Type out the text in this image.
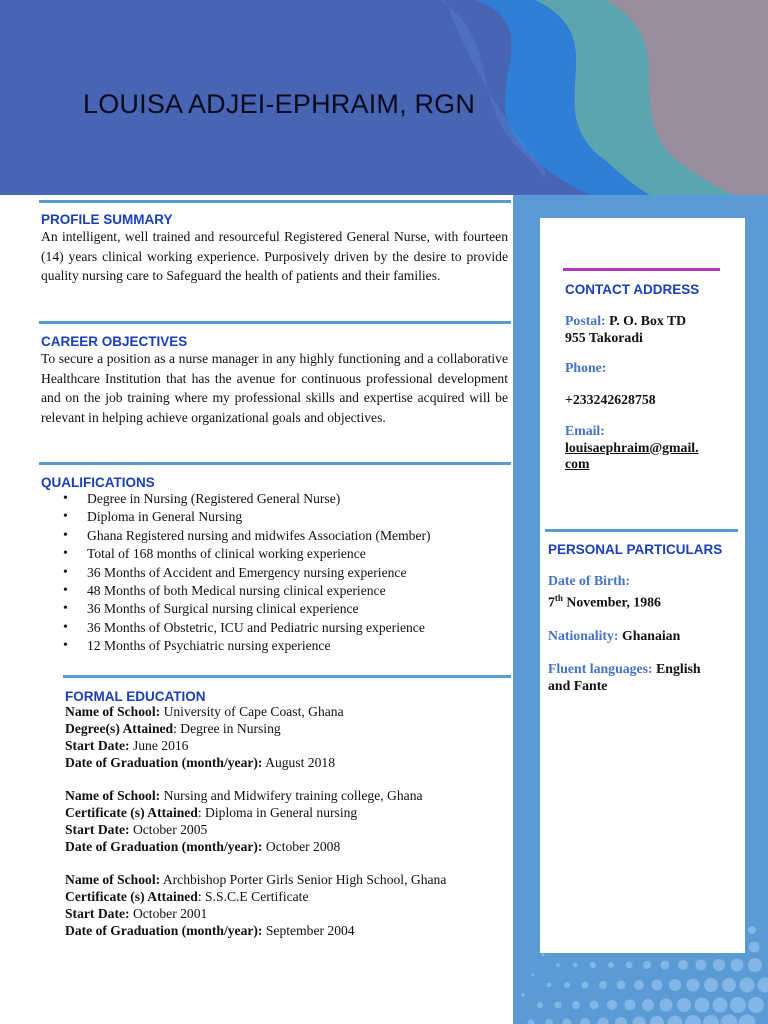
LOUISA ADJEI-EPHRAIM, RGN
PROFILE SUMMARY

An intelligent, well trained and resourceful Registered General Nurse, with fourteen (14) years clinical working experience. Purposively driven by the desire to provide quality nursing care to Safeguard the health of patients and their families.

CAREER OBJECTIVES

To secure a position as a nurse manager in any highly functioning and a collaborative Healthcare Institution that has the avenue for continuous professional development and on the job training where my professional skills and expertise acquired will be relevant in helping achieve organizational goals and objectives.

QUALIFICATIONS
• Degree in Nursing (Registered General Nurse)
• Diploma in General Nursing
• Ghana Registered nursing and midwifes Association (Member)
• Total of 168 months of clinical working experience
• 36 Months of Accident and Emergency nursing experience
• 48 Months of both Medical nursing clinical experience
• 36 Months of Surgical nursing clinical experience
• 36 Months of Obstetric, ICU and Pediatric nursing experience
• 12 Months of Psychiatric nursing experience
FORMAL EDUCATION

Name of School: University of Cape Coast, Ghana

Degree(s) Attained: Degree in Nursing

Start Date: June 2016

Date of Graduation (month/year): August 2018

Name of School: Nursing and Midwifery training college, Ghana

Certificate (s) Attained: Diploma in General nursing

Start Date: October 2005

Date of Graduation (month/year): October 2008

Name of School: Archbishop Porter Girls Senior High School, Ghana

Certificate (s) Attained: S.S.C.E Certificate

Start Date: October 2001

Date of Graduation (month/year): September 2004

CONTACT ADDRESS

Postal: P. O. Box TD

955 Takoradi

Phone:

+233242628758

Email:

louisaephraim@gmail.

com

PERSONAL PARTICULARS

Date of Birth:

7th November, 1986

Nationality: Ghanaian

Fluent languages: English

and Fante
